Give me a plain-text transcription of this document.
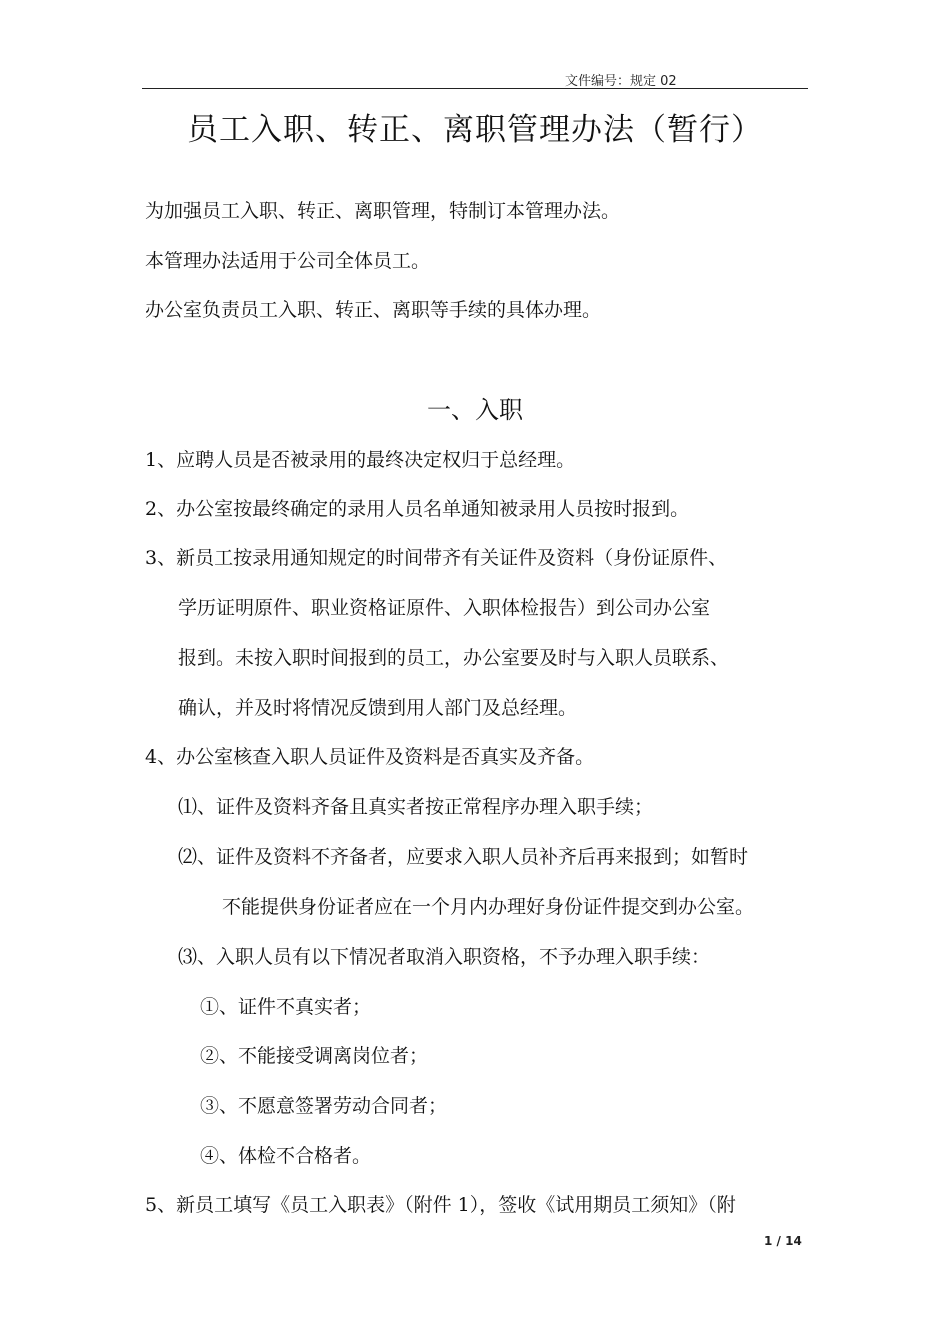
文件编号：规定 02
员工入职、转正、离职管理办法（暂行）
为加强员工入职、转正、离职管理，特制订本管理办法。
本管理办法适用于公司全体员工。
办公室负责员工入职、转正、离职等手续的具体办理。
一、入职
1、应聘人员是否被录用的最终决定权归于总经理。
2、办公室按最终确定的录用人员名单通知被录用人员按时报到。
3、新员工按录用通知规定的时间带齐有关证件及资料（身份证原件、
学历证明原件、职业资格证原件、入职体检报告）到公司办公室
报到。未按入职时间报到的员工，办公室要及时与入职人员联系、
确认，并及时将情况反馈到用人部门及总经理。
4、办公室核查入职人员证件及资料是否真实及齐备。
⑴、证件及资料齐备且真实者按正常程序办理入职手续；
⑵、证件及资料不齐备者，应要求入职人员补齐后再来报到；如暂时
不能提供身份证者应在一个月内办理好身份证件提交到办公室。
⑶、入职人员有以下情况者取消入职资格，不予办理入职手续：
①、证件不真实者；
②、不能接受调离岗位者；
③、不愿意签署劳动合同者；
④、体检不合格者。
5、新员工填写《员工入职表》（附件 1），签收《试用期员工须知》（附
1 / 14
